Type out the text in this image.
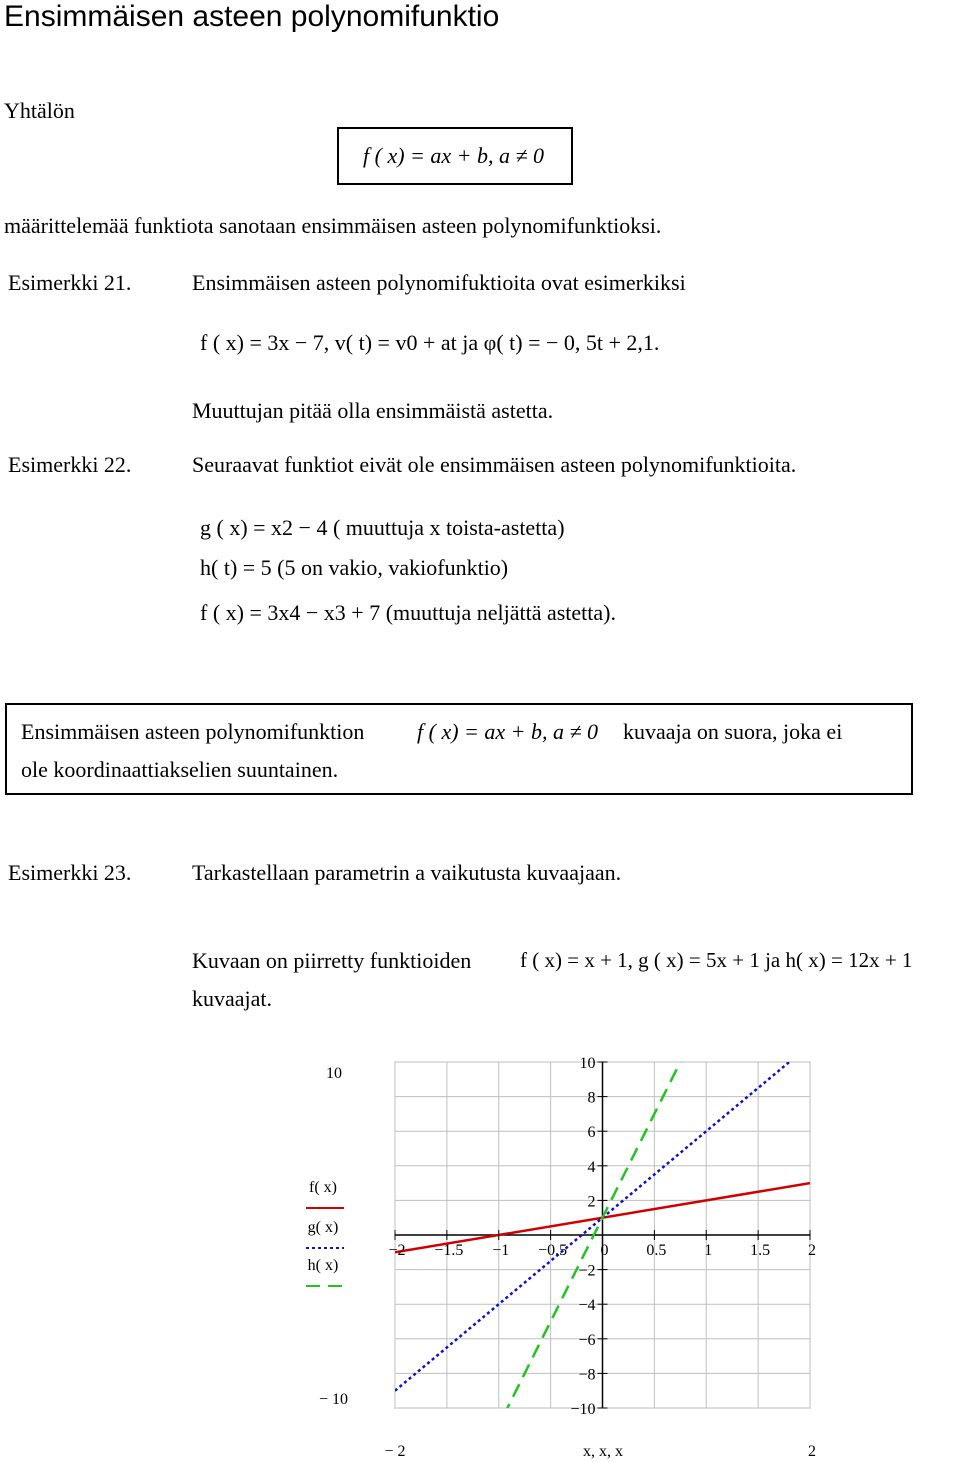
Ensimmäisen asteen polynomifunktio
Yhtälön
f ( x) = ax + b, a ≠ 0
määrittelemää funktiota sanotaan ensimmäisen asteen polynomifunktioksi.
Esimerkki 21.	Ensimmäisen asteen polynomifuktioita ovat esimerkiksi
f ( x) = 3x − 7, v( t) = v0 + at ja φ( t) = − 0, 5t + 2,1.
Muuttujan pitää olla ensimmäistä astetta.
Esimerkki 22.	Seuraavat funktiot eivät ole ensimmäisen asteen polynomifunktioita.
g ( x) = x2 − 4 ( muuttuja x toista-astetta)
h( t) = 5 (5 on vakio, vakiofunktio)
f ( x) = 3x4 − x3 + 7 (muuttuja neljättä astetta).
Ensimmäisen asteen polynomifunktion f ( x) = ax + b, a ≠ 0 kuvaaja on suora, joka ei
ole koordinaattiakselien suuntainen.
Esimerkki 23.	Tarkastellaan parametrin a vaikutusta kuvaajaan.
Kuvaan on piirretty funktioiden f ( x) = x + 1, g ( x) = 5x + 1 ja h( x) = 12x + 1
kuvaajat.
−2 −1.5 −1 −0.5 0 0.5 1 1.5 2
10
8
6
4
2
−2
−4
−6
−8
−10
f( x)
g( x)
h( x)
10
− 10
− 2	x, x, x	2
